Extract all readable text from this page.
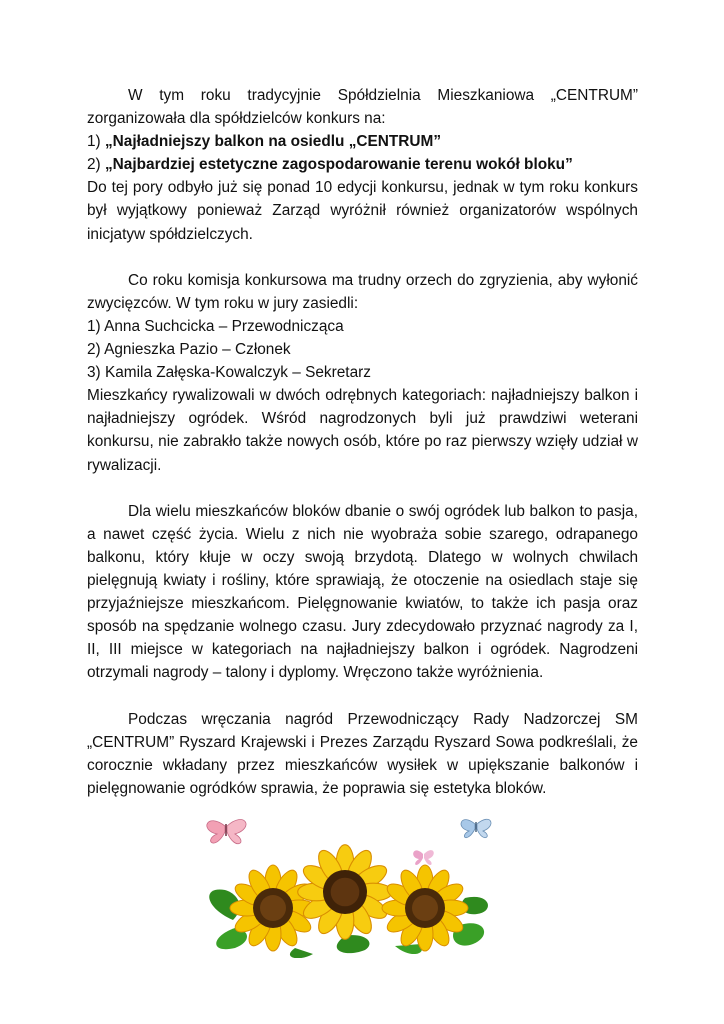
W tym roku tradycyjnie Spółdzielnia Mieszkaniowa „CENTRUM” zorganizowała dla spółdzielców konkurs na:
1) „Najładniejszy balkon na osiedlu „CENTRUM”
2) „Najbardziej estetyczne zagospodarowanie terenu wokół bloku”
Do tej pory odbyło już się ponad 10 edycji konkursu, jednak w tym roku konkurs był wyjątkowy ponieważ Zarząd wyróżnił również organizatorów wspólnych inicjatyw spółdzielczych.

Co roku komisja konkursowa ma trudny orzech do zgryzienia, aby wyłonić zwycięzców. W tym roku w jury zasiedli:
1) Anna Suchcicka – Przewodnicząca
2) Agnieszka Pazio – Członek
3) Kamila Załęska-Kowalczyk – Sekretarz
Mieszkańcy rywalizowali w dwóch odrębnych kategoriach: najładniejszy balkon i najładniejszy ogródek. Wśród nagrodzonych byli już prawdziwi weterani konkursu, nie zabrakło także nowych osób, które po raz pierwszy wzięły udział w rywalizacji.

Dla wielu mieszkańców bloków dbanie o swój ogródek lub balkon to pasja, a nawet część życia. Wielu z nich nie wyobraża sobie szarego, odrapanego balkonu, który kłuje w oczy swoją brzydotą. Dlatego w wolnych chwilach pielęgnują kwiaty i rośliny, które sprawiają, że otoczenie na osiedlach staje się przyjaźniejsze mieszkańcom. Pielęgnowanie kwiatów, to także ich pasja oraz sposób na spędzanie wolnego czasu. Jury zdecydowało przyznać nagrody za I, II, III miejsce w kategoriach na najładniejszy balkon i ogródek. Nagrodzeni otrzymali nagrody – talony i dyplomy. Wręczono także wyróżnienia.

Podczas wręczania nagród Przewodniczący Rady Nadzorczej SM „CENTRUM” Ryszard Krajewski i Prezes Zarządu Ryszard Sowa podkreślali, że corocznie wkładany przez mieszkańców wysiłek w upiększanie balkonów i pielęgnowanie ogródków sprawia, że poprawia się estetyka bloków.
